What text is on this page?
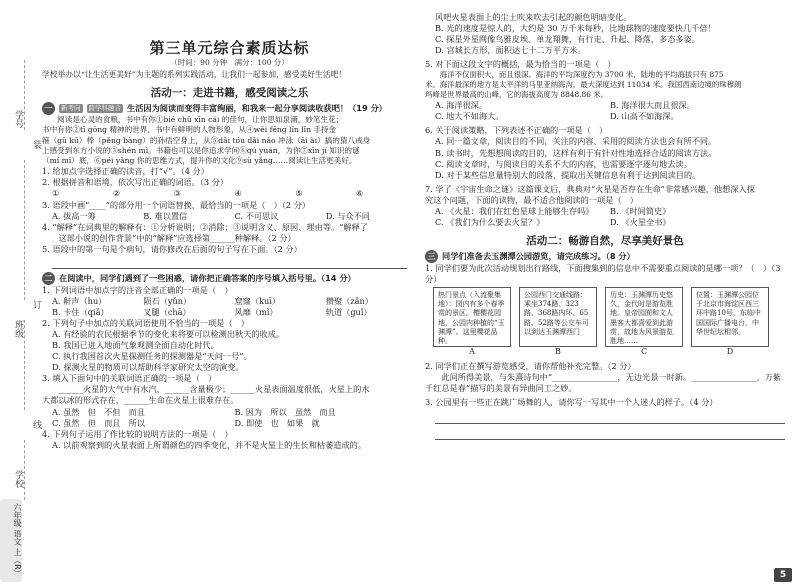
学号
班级
学校
装
订
线
六年级 语文 上（R）
第三单元综合素质达标
（时间：90 分钟　满分：100 分）
学校举办以“让生活更美好”为主题的系列实践活动，让我们一起参加，感受美好生活吧！
活动一：走进书籍，感受阅读之乐
一	新考向	跨学科融合 生活因为阅读而变得丰富绚丽，和我来一起分享阅读收获吧！（19 分）
　　阅读是心灵的食粮，书中有你①bié chū xīn cái 的佳句，让你思如泉涌，妙笔生花；
书中有你②tī gōng 精神的世界，书中有鲜明的人物形象，从④wěi fēng lǐn lǐn 手持金
箍（gū kū）棒（pěng bàng）的孙悟空身上，从⑤dǎi tóu dǎi nǎo 冲泳（āi ài）搞的猜八戒身
上感受到东方小说的③shén mì。书籍也可以是你追求学问⑥qú yuán，为你⑦xīn jí 知识的谜
（mí mǐ）底，⑥péi yǎng 你的思维方式，提升你的文化⑨sù yǎng……阅读让生活更美好。
1. 给加点字选择正确的读音，打“√”。（4 分）
2. 根据拼音和语境，依次写出正确的词语。（3 分）
①	②	③	④	⑤	⑥
3. 语段中画“____”的部分用一个词语替换，最恰当的一项是（　）（2 分）
A. 拔高一筹	B. 难以置信	C. 不可思议	D. 与众不同
4. “解释”在词典里的解释有：①分析说明；②消除；③说明含义、原因、理由等。“解释了
　　这部小说的创作背景”中的“解释”应选择第______种解释。（2 分）
5. 语段中的第一句是个病句，请你修改在后面的句子写在下面。（2 分）
二 在阅读中，同学们遇到了一些困惑，请你把正确答案的序号填入括号里。（14 分）
1. 下列词语中加点字的注音全部正确的一项是（　）
A. 鼾声（hu）	陨石（yǔn）	窟窿（kuī）	攒聚（zǎn）
B. 卡住（qiǎ）	叉腿（chā）	风靡（mǐ）	轨道（guǐ）
2. 下列句子中加点的关联词语使用不恰当的一项是（　）
A. 有经验的农民根据季节的变化来将要可以检测出秋天的收成。
B. 我国已进入地面气象观测全面自动化时代。
C. 执行我国首次火星探测任务的探测器是“天问一号”。
D. 探测火星的物质可以帮助科学家研究太空的演变。
3. 填入下面句中的关联词语正确的一项是（　）
　　______火星的大气中有水汽，______含量极少；______火星表面温度很低，火星上的水
大都以冰的形式存在，______生命在火星上很难存在。
A. 虽然　但　不但　而且	B. 因为　所以　虽然　而且
C. 虽然　但　而且　所以	D. 即使　也　如果　就
4. 下列句子运用了作比较的说明方法的一项是（　）
A. 以前观察到的火星表面上所谓颜色的四季变化，并不是火星上的生长和枯萎造成的。
风吧火星表面上的尘土吹来吹去引起的颜色明暗变化。
B. 光的速度是惊人的，大约是 30 万千米每秒，比地球物的速度要快几千倍！
C. 探星外星网像鸟雅皮埃、单龙翔舞，有行走、升起、降落，多态多姿。
D. 宫城长方形，面积达七十二万平方米。
5. 对下面这段文字的概括，最为恰当的一项是（　）
　　海洋不仅面积大，而且很深。海洋的平均深度约为 3700 米，陆地的平均海拔只有 875
米。海洋最深的地方是太平洋的马里亚纳海沟，最大深度达到 11034 米。我国西南边境的珠穆朗
玛峰是世界最高的山峰，它的海拔高度为 8848.86 米。
A. 海洋很深。	B. 海洋很大而且很深。
C. 地大不如海大。	D. 山高不如海深。
6. 关于阅读策略，下列表述不正确的一项是（　）
A. 同一篇文章，阅读目的不同，关注的内容、采用的阅读方法也会有所不同。
B. 读书时，先想想阅读的目的，这样有利于有针对性地选择合适的阅读方法。
C. 阅读文章时，与阅读目的关系不大的内容，也需要逐字逐句地去读。
D. 对于某些信息量特别大的段落，提取出关键信息有利于达到阅读目的。
7. 学了《宇宙生命之谜》这篇课文后，典典对“火星是否存在生命”非常感兴趣，他想深入探
究这个问题，下面的读物，最不适合他阅读的一项是（　）
A. 《火星：我们在红色星球上能够生存吗》	B. 《时间简史》
C. 《我们为什么要去火星？》	D. 《火星全书》
活动二：畅游自然，尽享美好景色
三 同学们准备去玉渊潭公园游览，请完成练习。（8 分）
1. 同学们要为此次活动规划出行路线，下面搜集到的信息中不需要重点阅读的是哪一项？（　）（3 分）
热门景点（入流聚集地）：园内有多个春季赏的景区。樱樱花园地，公园内种植的“玉渊潭”。这里樱花品种。
A
公园西门交通线路：乘坐374路、323路、368路内环、65路、52路等公交车可以到达玉渊潭西门
B
历史：玉渊潭历史悠久，金代时是游览胜地。皇帝园囿和文人墨客大都喜爱到此游赏，故地为风景游览胜地……
C
位置：玉渊潭公园位于北京市海淀区西三环中路10号，东临中国国际广播电台，中华世纪坛相邻。
D
2. 同学们正在撰写游览感受，请你帮他补充完整。（2 分）
　　此间所得美景，与朱熹诗句中“________________，无边光景一时新。________________，万紫千红总是春”描写的美景有异曲同工之妙。
3. 公园里有一些正在跳广场舞的人，请你写一写其中一个人迷人的样子。（4 分）
5
